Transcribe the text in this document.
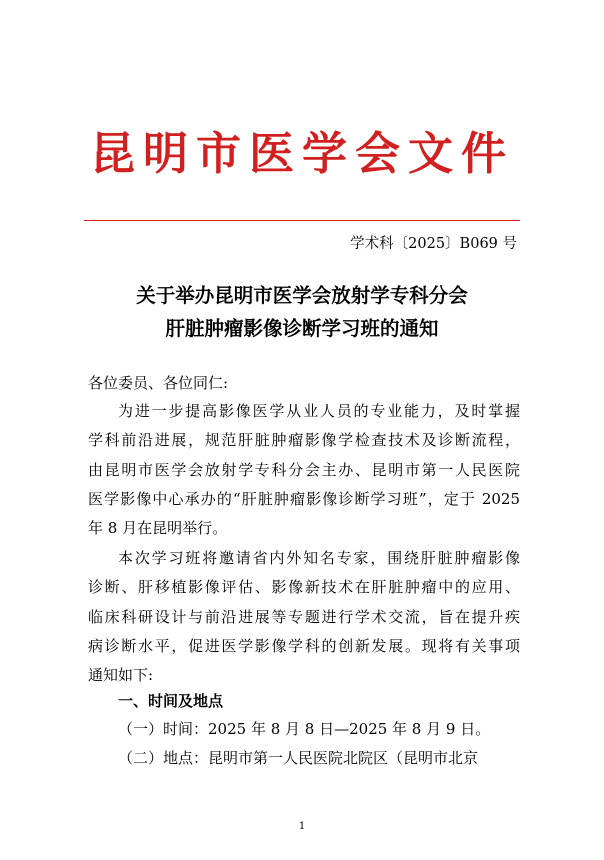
昆明市医学会文件
学术科〔2025〕B069 号
关于举办昆明市医学会放射学专科分会
肝脏肿瘤影像诊断学习班的通知
各位委员、各位同仁:
为进一步提高影像医学从业人员的专业能力，及时掌握
学科前沿进展，规范肝脏肿瘤影像学检查技术及诊断流程，
由昆明市医学会放射学专科分会主办、昆明市第一人民医院
医学影像中心承办的“肝脏肿瘤影像诊断学习班”，定于 2025
年 8 月在昆明举行。
本次学习班将邀请省内外知名专家，围绕肝脏肿瘤影像
诊断、肝移植影像评估、影像新技术在肝脏肿瘤中的应用、
临床科研设计与前沿进展等专题进行学术交流，旨在提升疾
病诊断水平，促进医学影像学科的创新发展。现将有关事项
通知如下:
一、时间及地点
（一）时间：2025 年 8 月 8 日—2025 年 8 月 9 日。
（二）地点：昆明市第一人民医院北院区（昆明市北京
1
